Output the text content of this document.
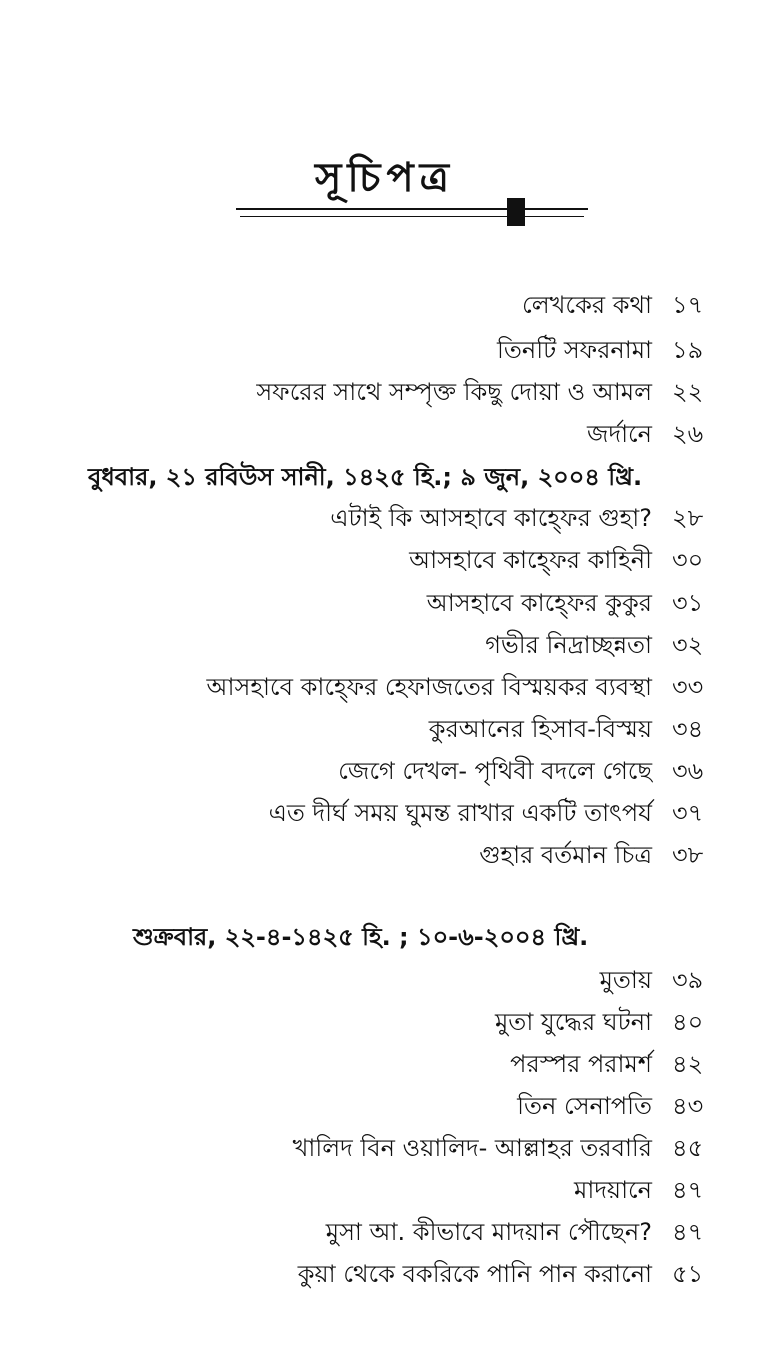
সূচিপত্র
লেখকের কথা ১৭
তিনটি সফরনামা ১৯
সফরের সাথে সম্পৃক্ত কিছু দোয়া ও আমল ২২
জর্দানে ২৬
বুধবার, ২১ রবিউস সানী, ১৪২৫ হি.; ৯ জুন, ২০০৪ খ্রি.
এটাই কি আসহাবে কাহ্ফের গুহা? ২৮
আসহাবে কাহ্ফের কাহিনী ৩০
আসহাবে কাহ্ফের কুকুর ৩১
গভীর নিদ্রাচ্ছন্নতা ৩২
আসহাবে কাহ্ফের হেফাজতের বিস্ময়কর ব্যবস্থা ৩৩
কুরআনের হিসাব-বিস্ময় ৩৪
জেগে দেখল- পৃথিবী বদলে গেছে ৩৬
এত দীর্ঘ সময় ঘুমন্ত রাখার একটি তাৎপর্য ৩৭
গুহার বর্তমান চিত্র ৩৮
শুক্রবার, ২২-৪-১৪২৫ হি. ; ১০-৬-২০০৪ খ্রি.
মুতায় ৩৯
মুতা যুদ্ধের ঘটনা ৪০
পরস্পর পরামর্শ ৪২
তিন সেনাপতি ৪৩
খালিদ বিন ওয়ালিদ- আল্লাহর তরবারি ৪৫
মাদয়ানে ৪৭
মুসা আ. কীভাবে মাদয়ান পৌছেন? ৪৭
কুয়া থেকে বকরিকে পানি পান করানো ৫১
